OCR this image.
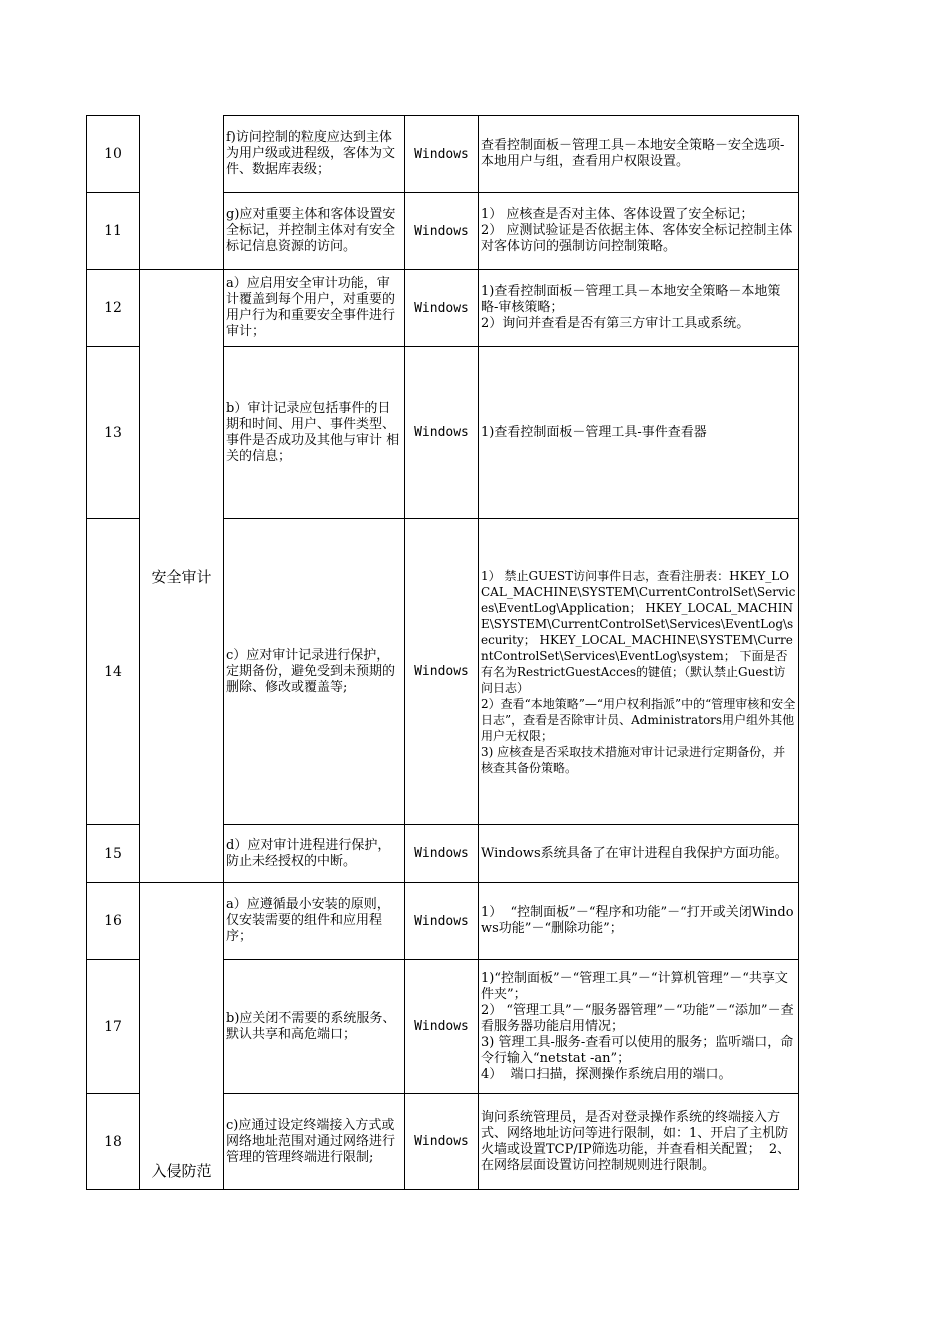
10		f)访问控制的粒度应达到主体为用户级或进程级，客体为文件、数据库表级；	Windows	查看控制面板－管理工具－本地安全策略－安全选项-本地用户与组，查看用户权限设置。
11		g)应对重要主体和客体设置安全标记，并控制主体对有安全标记信息资源的访问。	Windows	1） 应核查是否对主体、客体设置了安全标记；
2） 应测试验证是否依据主体、客体安全标记控制主体对客体访问的强制访问控制策略。
12	安全审计	a）应启用安全审计功能，审计覆盖到每个用户，对重要的用户行为和重要安全事件进行审计；	Windows	1)查看控制面板－管理工具－本地安全策略－本地策略-审核策略；
2）询问并查看是否有第三方审计工具或系统。
13		b）审计记录应包括事件的日期和时间、用户、事件类型、事件是否成功及其他与审计 相关的信息；	Windows	1)查看控制面板－管理工具-事件查看器
14		c）应对审计记录进行保护，定期备份，避免受到未预期的删除、修改或覆盖等;	Windows	1） 禁止GUEST访问事件日志，查看注册表：HKEY_LOCAL_MACHINE\SYSTEM\CurrentControlSet\Services\EventLog\Application； HKEY_LOCAL_MACHINE\SYSTEM\CurrentControlSet\Services\EventLog\security； HKEY_LOCAL_MACHINE\SYSTEM\CurrentControlSet\Services\EventLog\system； 下面是否有名为RestrictGuestAcces的键值；（默认禁止Guest访问日志）
2）查看“本地策略”—“用户权利指派”中的“管理审核和安全日志”，查看是否除审计员、Administrators用户组外其他用户无权限；
3) 应核查是否采取技术措施对审计记录进行定期备份，并核查其备份策略。
15		d）应对审计进程进行保护，防止未经授权的中断。	Windows	Windows系统具备了在审计进程自我保护方面功能。
16	入侵防范	a）应遵循最小安装的原则，仅安装需要的组件和应用程序；	Windows	1）  “控制面板”－“程序和功能”－“打开或关闭Windows功能”－“删除功能”；
17		b)应关闭不需要的系统服务、默认共享和高危端口；	Windows	1)“控制面板”－“管理工具”－“计算机管理”－“共享文件夹”；
2） “管理工具”－“服务器管理”－“功能”－“添加”－查看服务器功能启用情况；
3) 管理工具-服务-查看可以使用的服务；监听端口，命令行输入“netstat -an”；
4）  端口扫描，探测操作系统启用的端口。
18		c)应通过设定终端接入方式或网络地址范围对通过网络进行管理的管理终端进行限制;	Windows	询问系统管理员，是否对登录操作系统的终端接入方式、网络地址访问等进行限制，如：1、开启了主机防火墙或设置TCP/IP筛选功能，并查看相关配置；  2、在网络层面设置访问控制规则进行限制。
